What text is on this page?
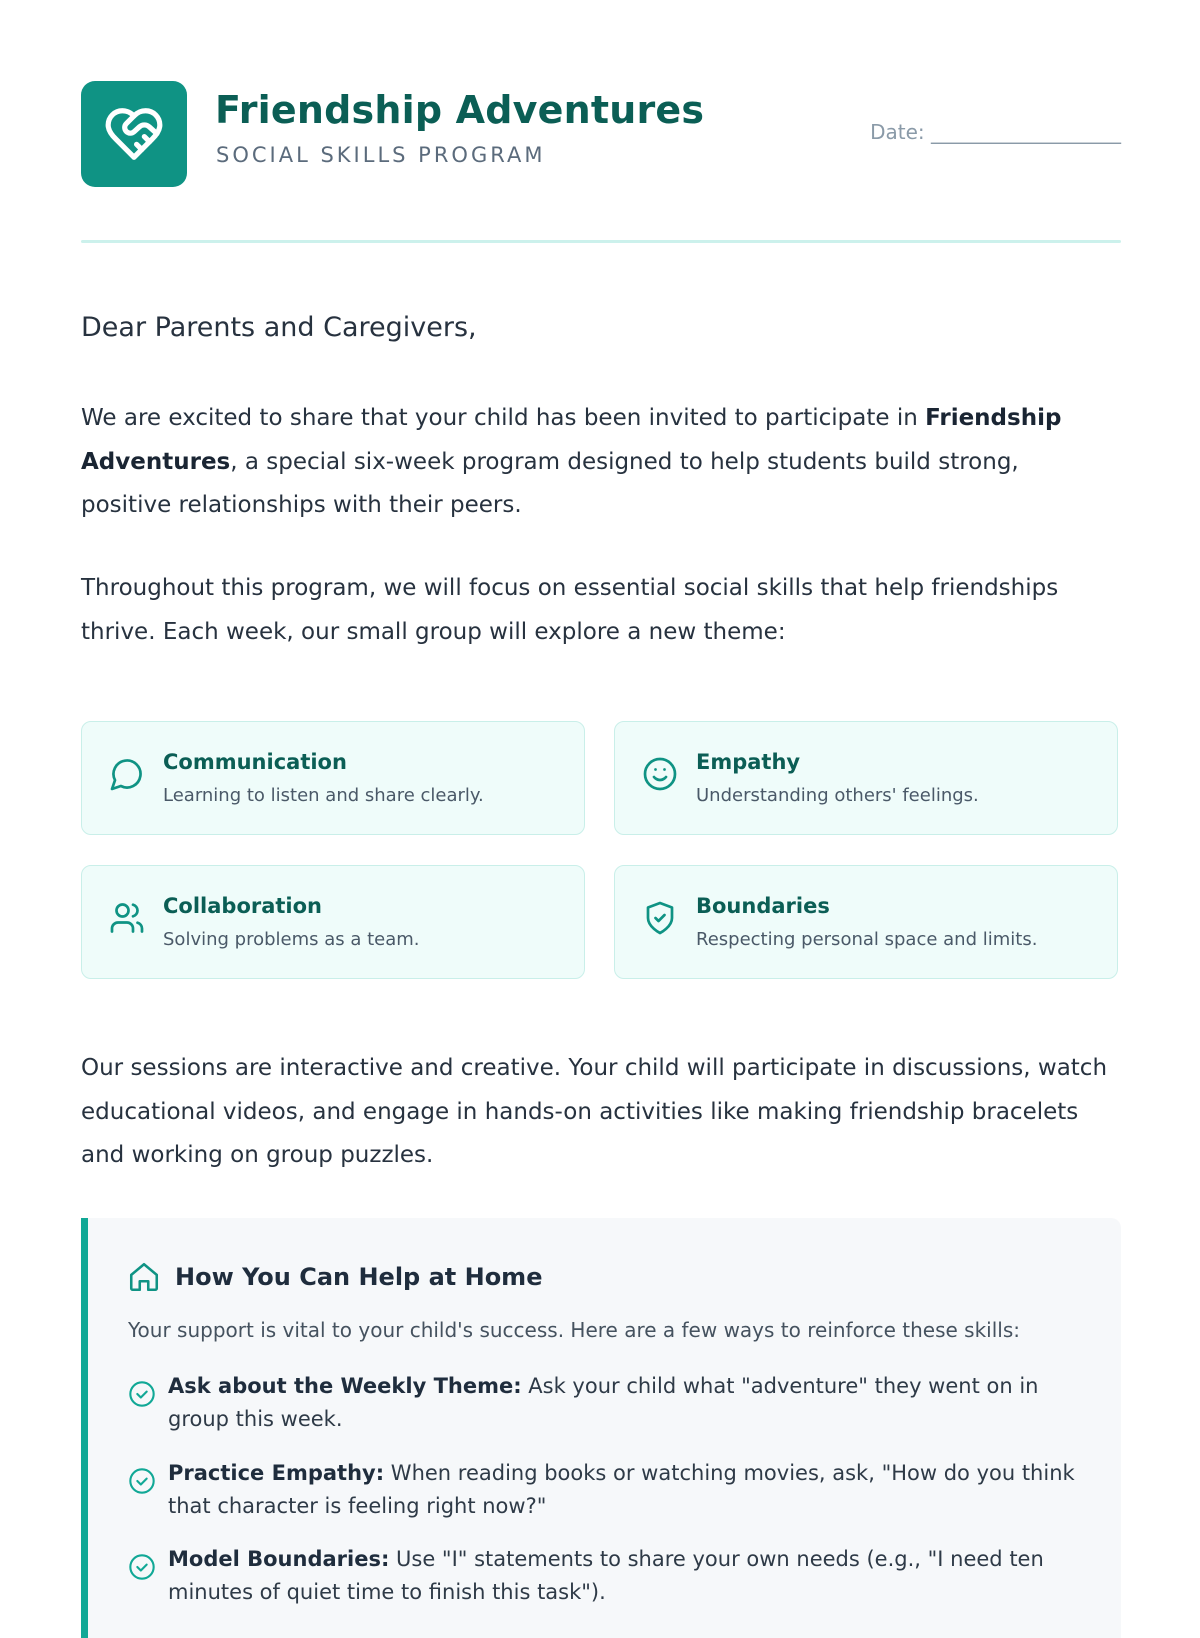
Friendship Adventures
SOCIAL SKILLS PROGRAM
Date: ___________________
Dear Parents and Caregivers,
We are excited to share that your child has been invited to participate in Friendship Adventures, a special six-week program designed to help students build strong, positive relationships with their peers.
Throughout this program, we will focus on essential social skills that help friendships thrive. Each week, our small group will explore a new theme:
Communication
Learning to listen and share clearly.
Empathy
Understanding others' feelings.
Collaboration
Solving problems as a team.
Boundaries
Respecting personal space and limits.
Our sessions are interactive and creative. Your child will participate in discussions, watch educational videos, and engage in hands-on activities like making friendship bracelets and working on group puzzles.
How You Can Help at Home
Your support is vital to your child's success. Here are a few ways to reinforce these skills:
Ask about the Weekly Theme: Ask your child what "adventure" they went on in group this week.
Practice Empathy: When reading books or watching movies, ask, "How do you think that character is feeling right now?"
Model Boundaries: Use "I" statements to share your own needs (e.g., "I need ten minutes of quiet time to finish this task").
